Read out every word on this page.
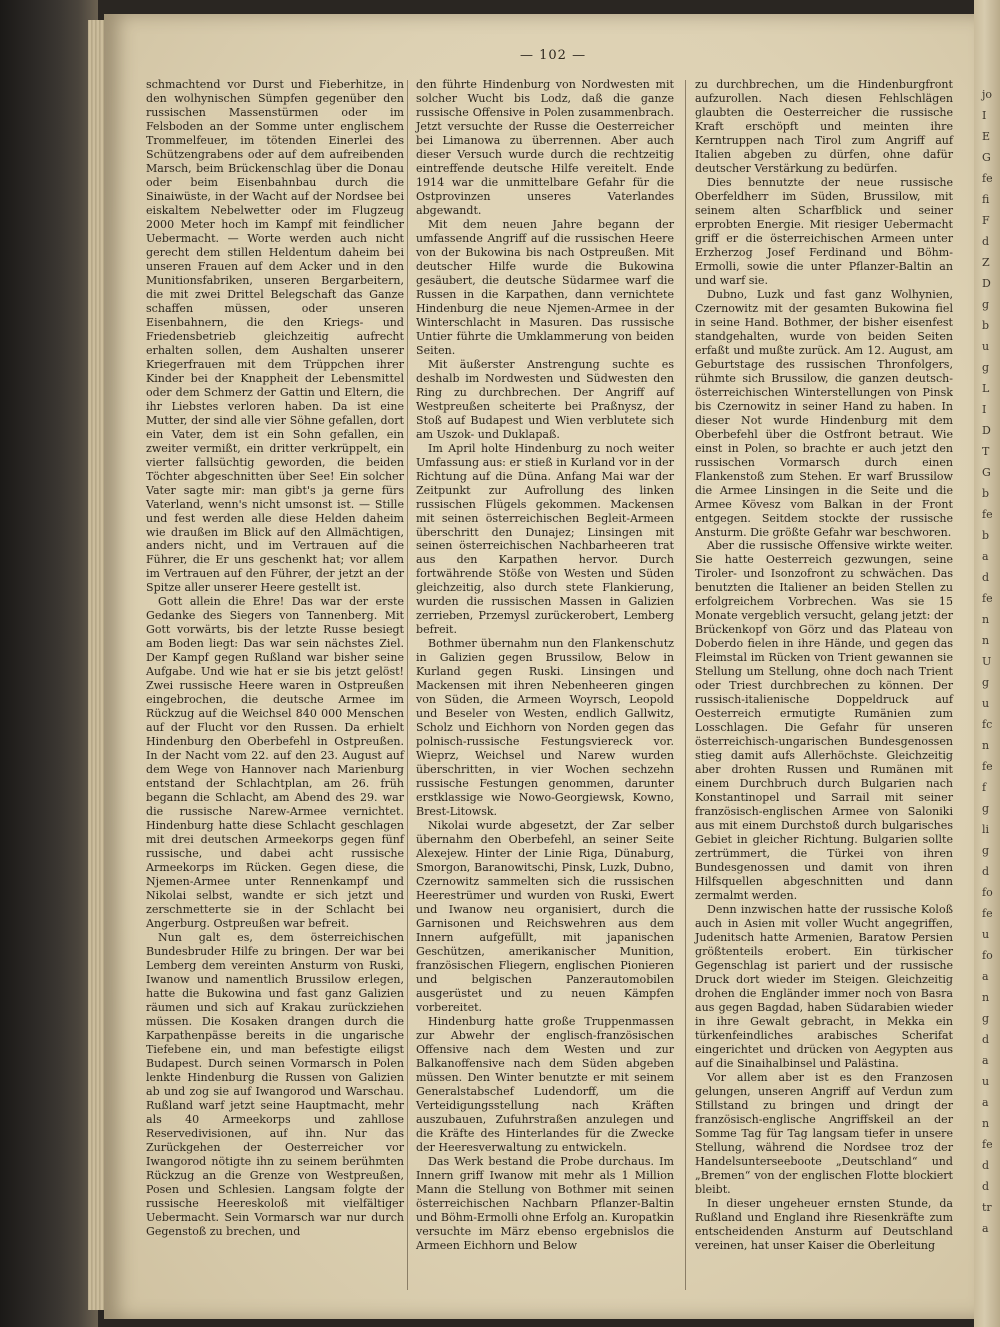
— 102 —

schmachtend vor Durst und Fieberhitze, in den wolhynischen Sümpfen gegenüber den russischen Massenstürmen oder im Felsboden an der Somme unter englischem Trommelfeuer, im tötenden Einerlei des Schützengrabens oder auf dem aufreibenden Marsch, beim Brückenschlag über die Donau oder beim Eisenbahnbau durch die Sinaiwüste, in der Wacht auf der Nordsee bei eiskaltem Nebelwetter oder im Flugzeug 2000 Meter hoch im Kampf mit feindlicher Uebermacht. — Worte werden auch nicht gerecht dem stillen Heldentum daheim bei unseren Frauen auf dem Acker und in den Munitionsfabriken, unseren Bergarbeitern, die mit zwei Drittel Belegschaft das Ganze schaffen müssen, oder unseren Eisenbahnern, die den Kriegs- und Friedensbetrieb gleichzeitig aufrecht erhalten sollen, dem Aushalten unserer Kriegerfrauen mit dem Trüppchen ihrer Kinder bei der Knappheit der Lebensmittel oder dem Schmerz der Gattin und Eltern, die ihr Liebstes verloren haben. Da ist eine Mutter, der sind alle vier Söhne gefallen, dort ein Vater, dem ist ein Sohn gefallen, ein zweiter vermißt, ein dritter verkrüppelt, ein vierter fallsüchtig geworden, die beiden Töchter abgeschnitten über See! Ein solcher Vater sagte mir: man gibt's ja gerne fürs Vaterland, wenn's nicht umsonst ist. — Stille und fest werden alle diese Helden daheim wie draußen im Blick auf den Allmächtigen, anders nicht, und im Vertrauen auf die Führer, die Er uns geschenkt hat; vor allem im Vertrauen auf den Führer, der jetzt an der Spitze aller unserer Heere gestellt ist.

Gott allein die Ehre! Das war der erste Gedanke des Siegers von Tannenberg. Mit Gott vorwärts, bis der letzte Russe besiegt am Boden liegt: Das war sein nächstes Ziel. Der Kampf gegen Rußland war bisher seine Aufgabe. Und wie hat er sie bis jetzt gelöst! Zwei russische Heere waren in Ostpreußen eingebrochen, die deutsche Armee im Rückzug auf die Weichsel 840 000 Menschen auf der Flucht vor den Russen. Da erhielt Hindenburg den Oberbefehl in Ostpreußen. In der Nacht vom 22. auf den 23. August auf dem Wege von Hannover nach Marienburg entstand der Schlachtplan, am 26. früh begann die Schlacht, am Abend des 29. war die russische Narew-Armee vernichtet. Hindenburg hatte diese Schlacht geschlagen mit drei deutschen Armeekorps gegen fünf russische, und dabei acht russische Armeekorps im Rücken. Gegen diese, die Njemen-Armee unter Rennenkampf und Nikolai selbst, wandte er sich jetzt und zerschmetterte sie in der Schlacht bei Angerburg. Ostpreußen war befreit.

Nun galt es, dem österreichischen Bundesbruder Hilfe zu bringen. Der war bei Lemberg dem vereinten Ansturm von Ruski, Iwanow und namentlich Brussilow erlegen, hatte die Bukowina und fast ganz Galizien räumen und sich auf Krakau zurückziehen müssen. Die Kosaken drangen durch die Karpathenpässe bereits in die ungarische Tiefebene ein, und man befestigte eiligst Budapest. Durch seinen Vormarsch in Polen lenkte Hindenburg die Russen von Galizien ab und zog sie auf Iwangorod und Warschau. Rußland warf jetzt seine Hauptmacht, mehr als 40 Armeekorps und zahllose Reservedivisionen, auf ihn. Nur das Zurückgehen der Oesterreicher vor Iwangorod nötigte ihn zu seinem berühmten Rückzug an die Grenze von Westpreußen, Posen und Schlesien. Langsam folgte der russische Heereskoloß mit vielfältiger Uebermacht. Sein Vormarsch war nur durch Gegenstoß zu brechen, und

den führte Hindenburg von Nordwesten mit solcher Wucht bis Lodz, daß die ganze russische Offensive in Polen zusammenbrach. Jetzt versuchte der Russe die Oesterreicher bei Limanowa zu überrennen. Aber auch dieser Versuch wurde durch die rechtzeitig eintreffende deutsche Hilfe vereitelt. Ende 1914 war die unmittelbare Gefahr für die Ostprovinzen unseres Vaterlandes abgewandt.

Mit dem neuen Jahre begann der umfassende Angriff auf die russischen Heere von der Bukowina bis nach Ostpreußen. Mit deutscher Hilfe wurde die Bukowina gesäubert, die deutsche Südarmee warf die Russen in die Karpathen, dann vernichtete Hindenburg die neue Njemen-Armee in der Winterschlacht in Masuren. Das russische Untier führte die Umklammerung von beiden Seiten.

Mit äußerster Anstrengung suchte es deshalb im Nordwesten und Südwesten den Ring zu durchbrechen. Der Angriff auf Westpreußen scheiterte bei Praßnysz, der Stoß auf Budapest und Wien verblutete sich am Uszok- und Duklapaß.

Im April holte Hindenburg zu noch weiter Umfassung aus: er stieß in Kurland vor in der Richtung auf die Düna. Anfang Mai war der Zeitpunkt zur Aufrollung des linken russischen Flügels gekommen. Mackensen mit seinen österreichischen Begleit-Armeen überschritt den Dunajez; Linsingen mit seinen österreichischen Nachbarheeren trat aus den Karpathen hervor. Durch fortwährende Stöße von Westen und Süden gleichzeitig, also durch stete Flankierung, wurden die russischen Massen in Galizien zerrieben, Przemysl zurückerobert, Lemberg befreit.

Bothmer übernahm nun den Flankenschutz in Galizien gegen Brussilow, Below in Kurland gegen Ruski. Linsingen und Mackensen mit ihren Nebenheeren gingen von Süden, die Armeen Woyrsch, Leopold und Beseler von Westen, endlich Gallwitz, Scholz und Eichhorn von Norden gegen das polnisch-russische Festungsviereck vor. Wieprz, Weichsel und Narew wurden überschritten, in vier Wochen sechzehn russische Festungen genommen, darunter erstklassige wie Nowo-Georgiewsk, Kowno, Brest-Litowsk.

Nikolai wurde abgesetzt, der Zar selber übernahm den Oberbefehl, an seiner Seite Alexejew. Hinter der Linie Riga, Dünaburg, Smorgon, Baranowitschi, Pinsk, Luzk, Dubno, Czernowitz sammelten sich die russischen Heerestrümer und wurden von Ruski, Ewert und Iwanow neu organisiert, durch die Garnisonen und Reichswehren aus dem Innern aufgefüllt, mit japanischen Geschützen, amerikanischer Munition, französischen Fliegern, englischen Pionieren und belgischen Panzerautomobilen ausgerüstet und zu neuen Kämpfen vorbereitet.

Hindenburg hatte große Truppenmassen zur Abwehr der englisch-französischen Offensive nach dem Westen und zur Balkanoffensive nach dem Süden abgeben müssen. Den Winter benutzte er mit seinem Generalstabschef Ludendorff, um die Verteidigungsstellung nach Kräften auszubauen, Zufuhrstraßen anzulegen und die Kräfte des Hinterlandes für die Zwecke der Heeresverwaltung zu entwickeln.

Das Werk bestand die Probe durchaus. Im Innern griff Iwanow mit mehr als 1 Million Mann die Stellung von Bothmer mit seinen österreichischen Nachbarn Pflanzer-Baltin und Böhm-Ermolli ohne Erfolg an. Kuropatkin versuchte im März ebenso ergebnislos die Armeen Eichhorn und Below

zu durchbrechen, um die Hindenburgfront aufzurollen. Nach diesen Fehlschlägen glaubten die Oesterreicher die russische Kraft erschöpft und meinten ihre Kerntruppen nach Tirol zum Angriff auf Italien abgeben zu dürfen, ohne dafür deutscher Verstärkung zu bedürfen.

Dies bennutzte der neue russische Oberfeldherr im Süden, Brussilow, mit seinem alten Scharfblick und seiner erprobten Energie. Mit riesiger Uebermacht griff er die österreichischen Armeen unter Erzherzog Josef Ferdinand und Böhm-Ermolli, sowie die unter Pflanzer-Baltin an und warf sie.

Dubno, Luzk und fast ganz Wolhynien, Czernowitz mit der gesamten Bukowina fiel in seine Hand. Bothmer, der bisher eisenfest standgehalten, wurde von beiden Seiten erfaßt und mußte zurück. Am 12. August, am Geburtstage des russischen Thronfolgers, rühmte sich Brussilow, die ganzen deutsch-österreichischen Winterstellungen von Pinsk bis Czernowitz in seiner Hand zu haben. In dieser Not wurde Hindenburg mit dem Oberbefehl über die Ostfront betraut. Wie einst in Polen, so brachte er auch jetzt den russischen Vormarsch durch einen Flankenstoß zum Stehen. Er warf Brussilow die Armee Linsingen in die Seite und die Armee Kövesz vom Balkan in der Front entgegen. Seitdem stockte der russische Ansturm. Die größte Gefahr war beschworen.

Aber die russische Offensive wirkte weiter. Sie hatte Oesterreich gezwungen, seine Tiroler- und Isonzofront zu schwächen. Das benutzten die Italiener an beiden Stellen zu erfolgreichem Vorbrechen. Was sie 15 Monate vergeblich versucht, gelang jetzt: der Brückenkopf von Görz und das Plateau von Doberdo fielen in ihre Hände, und gegen das Fleimstal im Rücken von Trient gewannen sie Stellung um Stellung, ohne doch nach Trient oder Triest durchbrechen zu können. Der russisch-italienische Doppeldruck auf Oesterreich ermutigte Rumänien zum Losschlagen. Die Gefahr für unseren österreichisch-ungarischen Bundesgenossen stieg damit aufs Allerhöchste. Gleichzeitig aber drohten Russen und Rumänen mit einem Durchbruch durch Bulgarien nach Konstantinopel und Sarrail mit seiner französisch-englischen Armee von Saloniki aus mit einem Durchstoß durch bulgarisches Gebiet in gleicher Richtung. Bulgarien sollte zertrümmert, die Türkei von ihren Bundesgenossen und damit von ihren Hilfsquellen abgeschnitten und dann zermalmt werden.

Denn inzwischen hatte der russische Koloß auch in Asien mit voller Wucht angegriffen, Judenitsch hatte Armenien, Baratow Persien größtenteils erobert. Ein türkischer Gegenschlag ist pariert und der russische Druck dort wieder im Steigen. Gleichzeitig drohen die Engländer immer noch von Basra aus gegen Bagdad, haben Südarabien wieder in ihre Gewalt gebracht, in Mekka ein türkenfeindliches arabisches Scherifat eingerichtet und drücken von Aegypten aus auf die Sinaihalbinsel und Palästina.

Vor allem aber ist es den Franzosen gelungen, unseren Angriff auf Verdun zum Stillstand zu bringen und dringt der französisch-englische Angriffskeil an der Somme Tag für Tag langsam tiefer in unsere Stellung, während die Nordsee troz der Handelsunterseeboote „Deutschland“ und „Bremen“ von der englischen Flotte blockiert bleibt.

In dieser ungeheuer ernsten Stunde, da Rußland und England ihre Riesenkräfte zum entscheidenden Ansturm auf Deutschland vereinen, hat unser Kaiser die Oberleitung

jo
I
E
G
fe
fi
F
d
Z
D
g
b
u
g
L
I
D
T
G
b
fe
b
a
d
fe
n
n
U
g
u
fc
n
fe
f
g
li
g
d
fo
fe
u
fo
a
n
g
d
a
u
a
n
fe
d
d
tr
a
